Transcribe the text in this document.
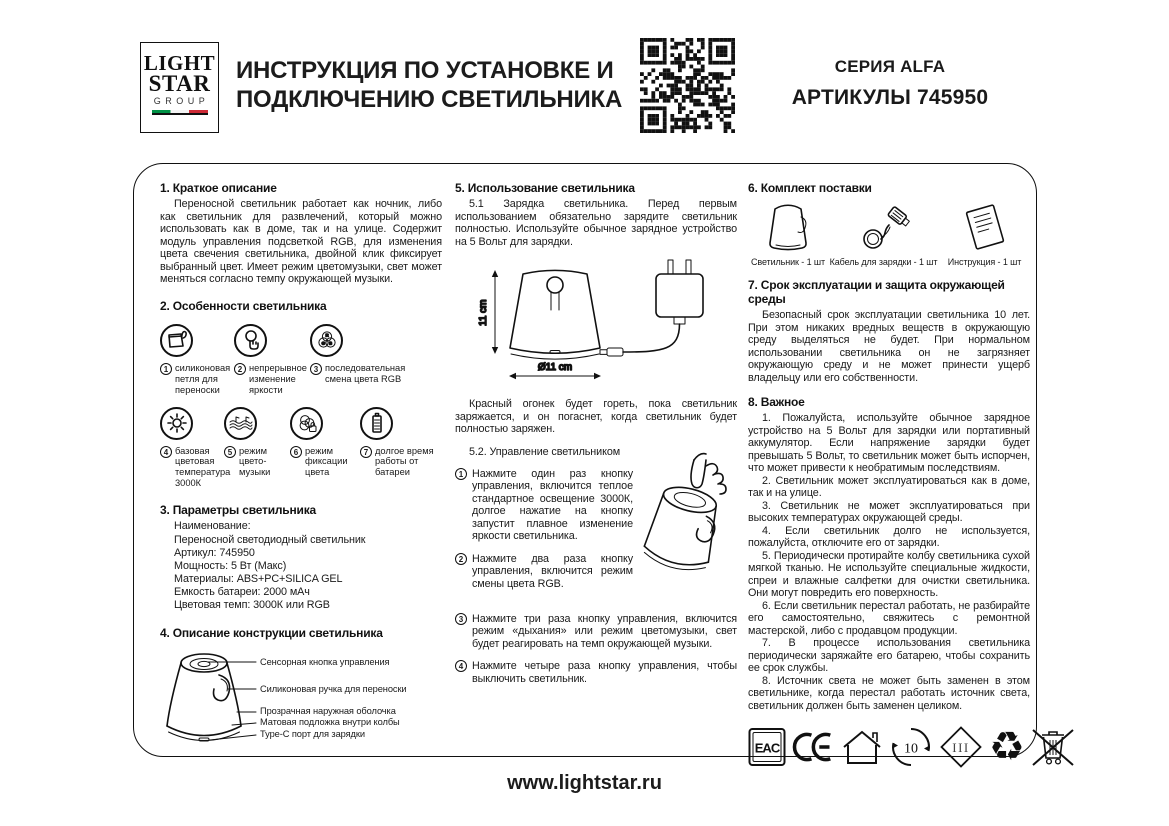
LIGHT
STAR
GROUP
ИНСТРУКЦИЯ ПО УСТАНОВКЕ И
ПОДКЛЮЧЕНИЮ СВЕТИЛЬНИКА
СЕРИЯ ALFA
АРТИКУЛЫ 745950
1. Краткое описание
Переносной светильник работает как ночник, либо как светильник для развлечений, который можно использовать как в доме, так и на улице. Содержит модуль управления подсветкой RGB, для изменения цвета свечения светильника, двойной клик фиксирует выбранный цвет. Имеет режим цветомузыки, свет может меняться согласно темпу окружающей музыки.
2. Особенности светильника
1 силиконовая петля для переноски
2 непрерывное изменение яркости
R
G B
3 последовательная смена цвета RGB
4 базовая цветовая температура 3000К
5 режим цветомузыки
6 режим фиксации цвета
7 долгое время работы от батареи
3. Параметры светильника
Наименование:
Переносной светодиодный светильник
Артикул: 745950
Мощность: 5 Вт (Макс)
Материалы: ABS+PC+SILICA GEL
Емкость батареи: 2000 мАч
Цветовая темп: 3000К или RGB
4. Описание конструкции светильника
Сенсорная кнопка управления
Силиконовая ручка для переноски
Прозрачная наружная оболочка
Матовая подложка внутри колбы
Type-C порт для зарядки
5. Использование светильника
5.1 Зарядка светильника. Перед первым использованием обязательно зарядите светильник полностью. Используйте обычное зарядное устройство на 5 Вольт для зарядки.
11 cm
Ø11 cm
Красный огонек будет гореть, пока светильник заряжается, и он погаснет, когда светильник будет полностью заряжен.
5.2. Управление светильником
1 Нажмите один раз кнопку управления, включится теплое стандартное освещение 3000К, долгое нажатие на кнопку запустит плавное изменение яркости светильника.
2 Нажмите два раза кнопку управления, включится режим смены цвета RGB.
3 Нажмите три раза кнопку управления, включится режим «дыхания» или режим цветомузыки, свет будет реагировать на темп окружающей музыки.
4 Нажмите четыре раза кнопку управления, чтобы выключить светильник.
6. Комплект поставки
Светильник - 1 шт Кабель для зарядки - 1 шт Инструкция - 1 шт
7. Срок эксплуатации и защита окружающей среды
Безопасный срок эксплуатации светильника 10 лет. При этом никаких вредных веществ в окружающую среду выделяться не будет. При нормальном использовании светильника он не загрязняет окружающую среду и не может принести ущерб владельцу или его собственности.
8. Важное
1. Пожалуйста, используйте обычное зарядное устройство на 5 Вольт для зарядки или портативный аккумулятор. Если напряжение зарядки будет превышать 5 Вольт, то светильник может быть испорчен, что может привести к необратимым последствиям.
2. Светильник может эксплуатироваться как в доме, так и на улице.
3. Светильник не может эксплуатироваться при высоких температурах окружающей среды.
4. Если светильник долго не используется, пожалуйста, отключите его от зарядки.
5. Периодически протирайте колбу светильника сухой мягкой тканью. Не используйте специальные жидкости, спреи и влажные салфетки для очистки светильника. Они могут повредить его поверхность.
6. Если светильник перестал работать, не разбирайте его самостоятельно, свяжитесь с ремонтной мастерской, либо с продавцом продукции.
7. В процессе использования светильника периодически заряжайте его батарею, чтобы сохранить ее срок службы.
8. Источник света не может быть заменен в этом светильнике, когда перестал работать источник света, светильник должен быть заменен целиком.
EAC	10	III ♻
www.lightstar.ru
